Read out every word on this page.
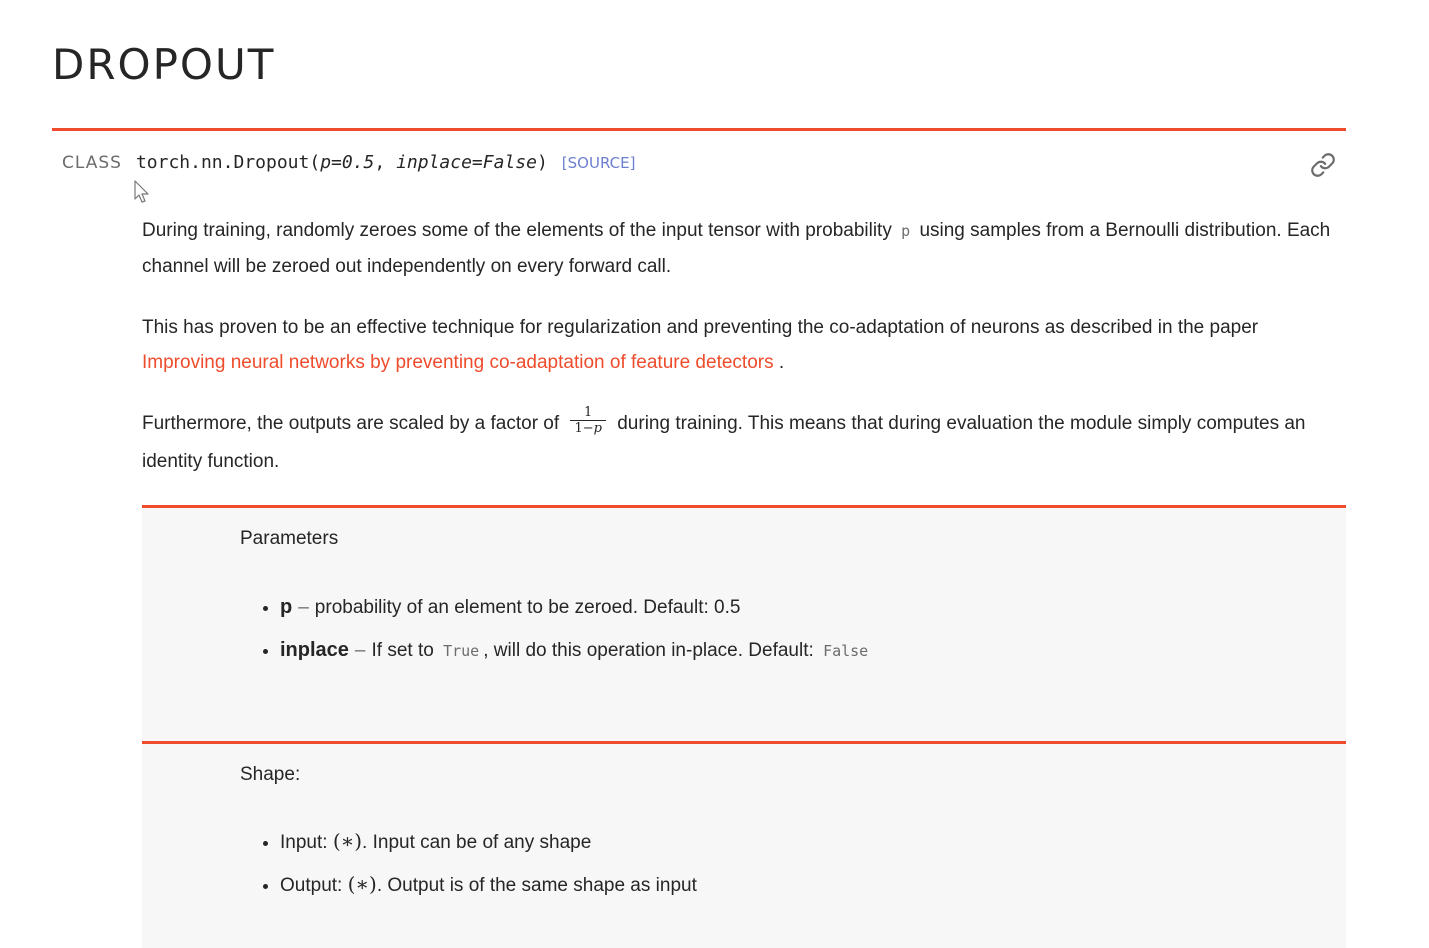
DROPOUT
CLASS torch.nn.Dropout(p=0.5, inplace=False) [SOURCE]

During training, randomly zeroes some of the elements of the input tensor with probability p using samples from a Bernoulli distribution. Each channel will be zeroed out independently on every forward call.

This has proven to be an effective technique for regularization and preventing the co-adaptation of neurons as described in the paper Improving neural networks by preventing co-adaptation of feature detectors .

Furthermore, the outputs are scaled by a factor of $\frac{1}{1-p}$ during training. This means that during evaluation the module simply computes an identity function.

Parameters
• p – probability of an element to be zeroed. Default: 0.5
• inplace – If set to True , will do this operation in-place. Default: False
Shape:
• Input: (∗). Input can be of any shape
• Output: (∗). Output is of the same shape as input
